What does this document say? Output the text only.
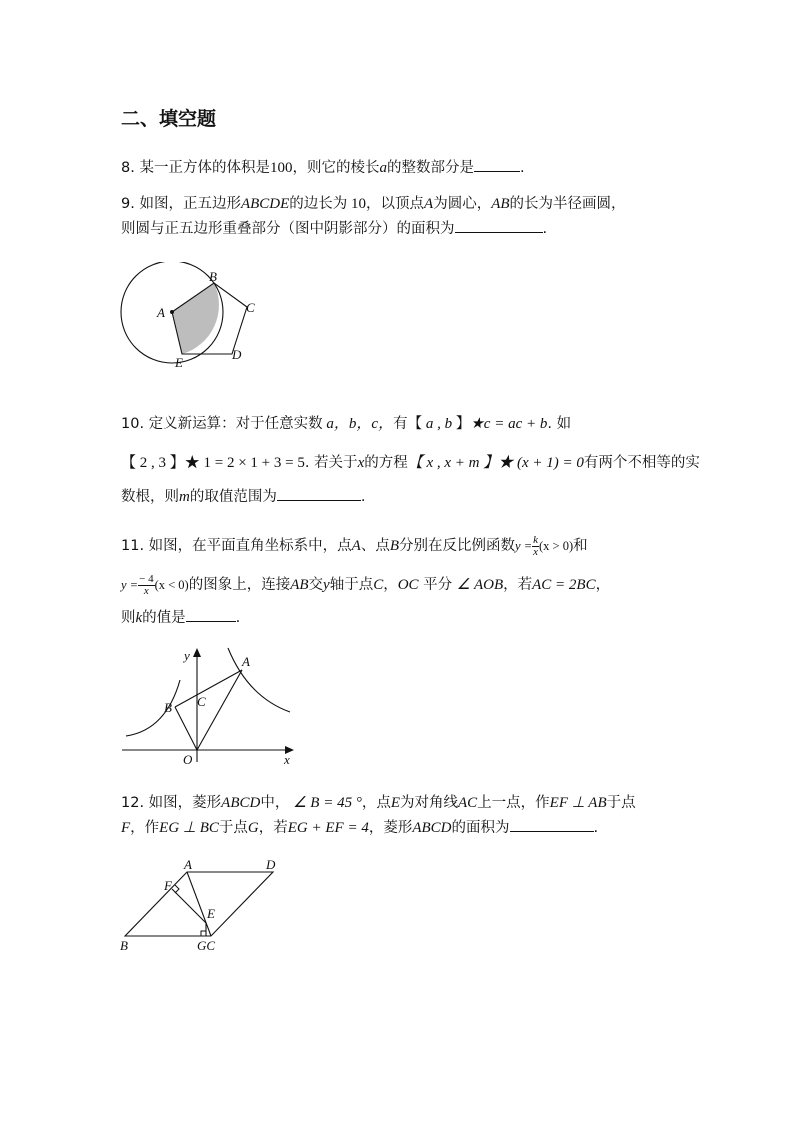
二、填空题
8. 某一正方体的体积是100，则它的棱长a的整数部分是	.
9. 如图，正五边形ABCDE的边长为 10，以顶点A为圆心，AB的长为半径画圆，
则圆与正五边形重叠部分（图中阴影部分）的面积为	.
A
B
C
D
E
10. 定义新运算：对于任意实数 a，b，c，有【 a , b 】★c = ac + b. 如
【 2 , 3 】★ 1 = 2 × 1 + 3 = 5. 若关于x的方程【 x , x + m 】★ (x + 1) = 0有两个不相等的实
数根，则m的取值范围为	.
11. 如图，在平面直角坐标系中，点A、点B分别在反比例函数$y = \frac{k}{x} (x > 0)$和
$y = \frac{- 4}{x} (x < 0)$的图象上，连接AB交y轴于点C，OC 平分 ∠ AOB，若AC = 2BC，
则k的值是	.
y
x
A
B C
O
12. 如图，菱形ABCD中， ∠ B = 45 °，点E为对角线AC上一点，作EF ⊥ AB于点
F，作EG ⊥ BC于点G，若EG + EF = 4，菱形ABCD的面积为	.
A	D
F
E
B	GC
